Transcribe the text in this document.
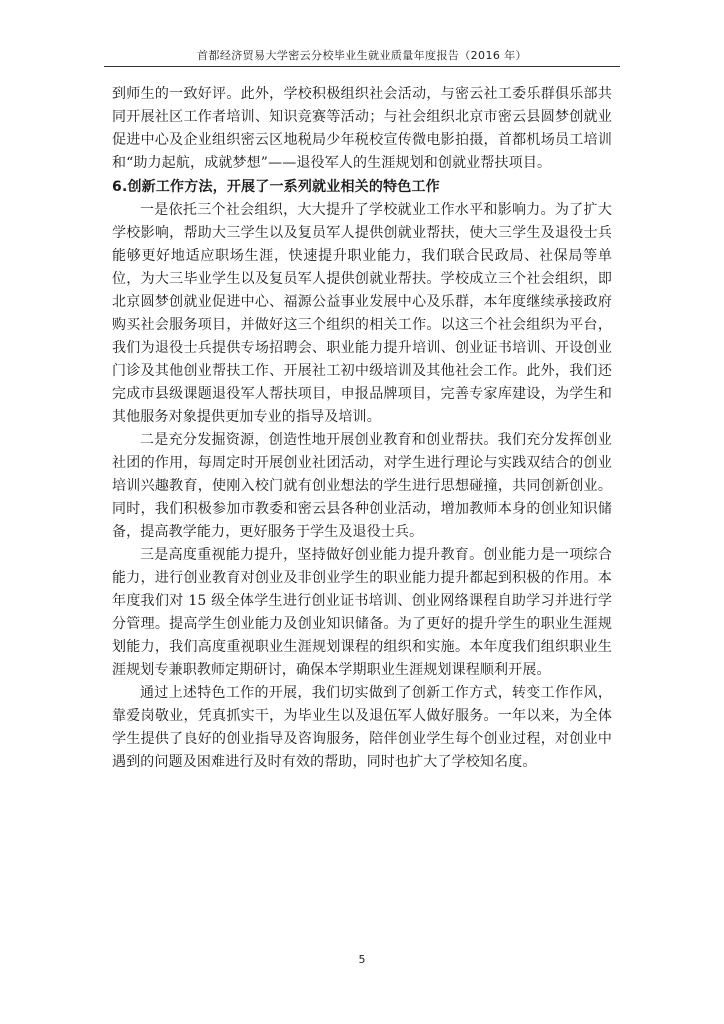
首都经济贸易大学密云分校毕业生就业质量年度报告（2016 年）

到师生的一致好评。此外，学校积极组织社会活动，与密云社工委乐群俱乐部共同开展社区工作者培训、知识竞赛等活动；与社会组织北京市密云县圆梦创就业促进中心及企业组织密云区地税局少年税校宣传微电影拍摄，首都机场员工培训和“助力起航，成就梦想”——退役军人的生涯规划和创就业帮扶项目。

6.创新工作方法，开展了一系列就业相关的特色工作

一是依托三个社会组织，大大提升了学校就业工作水平和影响力。为了扩大学校影响，帮助大三学生以及复员军人提供创就业帮扶，使大三学生及退役士兵能够更好地适应职场生涯，快速提升职业能力，我们联合民政局、社保局等单位，为大三毕业学生以及复员军人提供创就业帮扶。学校成立三个社会组织，即北京圆梦创就业促进中心、福源公益事业发展中心及乐群，本年度继续承接政府购买社会服务项目，并做好这三个组织的相关工作。以这三个社会组织为平台，我们为退役士兵提供专场招聘会、职业能力提升培训、创业证书培训、开设创业门诊及其他创业帮扶工作、开展社工初中级培训及其他社会工作。此外，我们还完成市县级课题退役军人帮扶项目，申报品牌项目，完善专家库建设，为学生和其他服务对象提供更加专业的指导及培训。

二是充分发掘资源，创造性地开展创业教育和创业帮扶。我们充分发挥创业社团的作用，每周定时开展创业社团活动，对学生进行理论与实践双结合的创业培训兴趣教育，使刚入校门就有创业想法的学生进行思想碰撞，共同创新创业。同时，我们积极参加市教委和密云县各种创业活动，增加教师本身的创业知识储备，提高教学能力，更好服务于学生及退役士兵。

三是高度重视能力提升，坚持做好创业能力提升教育。创业能力是一项综合能力，进行创业教育对创业及非创业学生的职业能力提升都起到积极的作用。本年度我们对 15 级全体学生进行创业证书培训、创业网络课程自助学习并进行学分管理。提高学生创业能力及创业知识储备。为了更好的提升学生的职业生涯规划能力，我们高度重视职业生涯规划课程的组织和实施。本年度我们组织职业生涯规划专兼职教师定期研讨，确保本学期职业生涯规划课程顺利开展。

通过上述特色工作的开展，我们切实做到了创新工作方式，转变工作作风，靠爱岗敬业，凭真抓实干，为毕业生以及退伍军人做好服务。一年以来，为全体学生提供了良好的创业指导及咨询服务，陪伴创业学生每个创业过程，对创业中遇到的问题及困难进行及时有效的帮助，同时也扩大了学校知名度。

5
